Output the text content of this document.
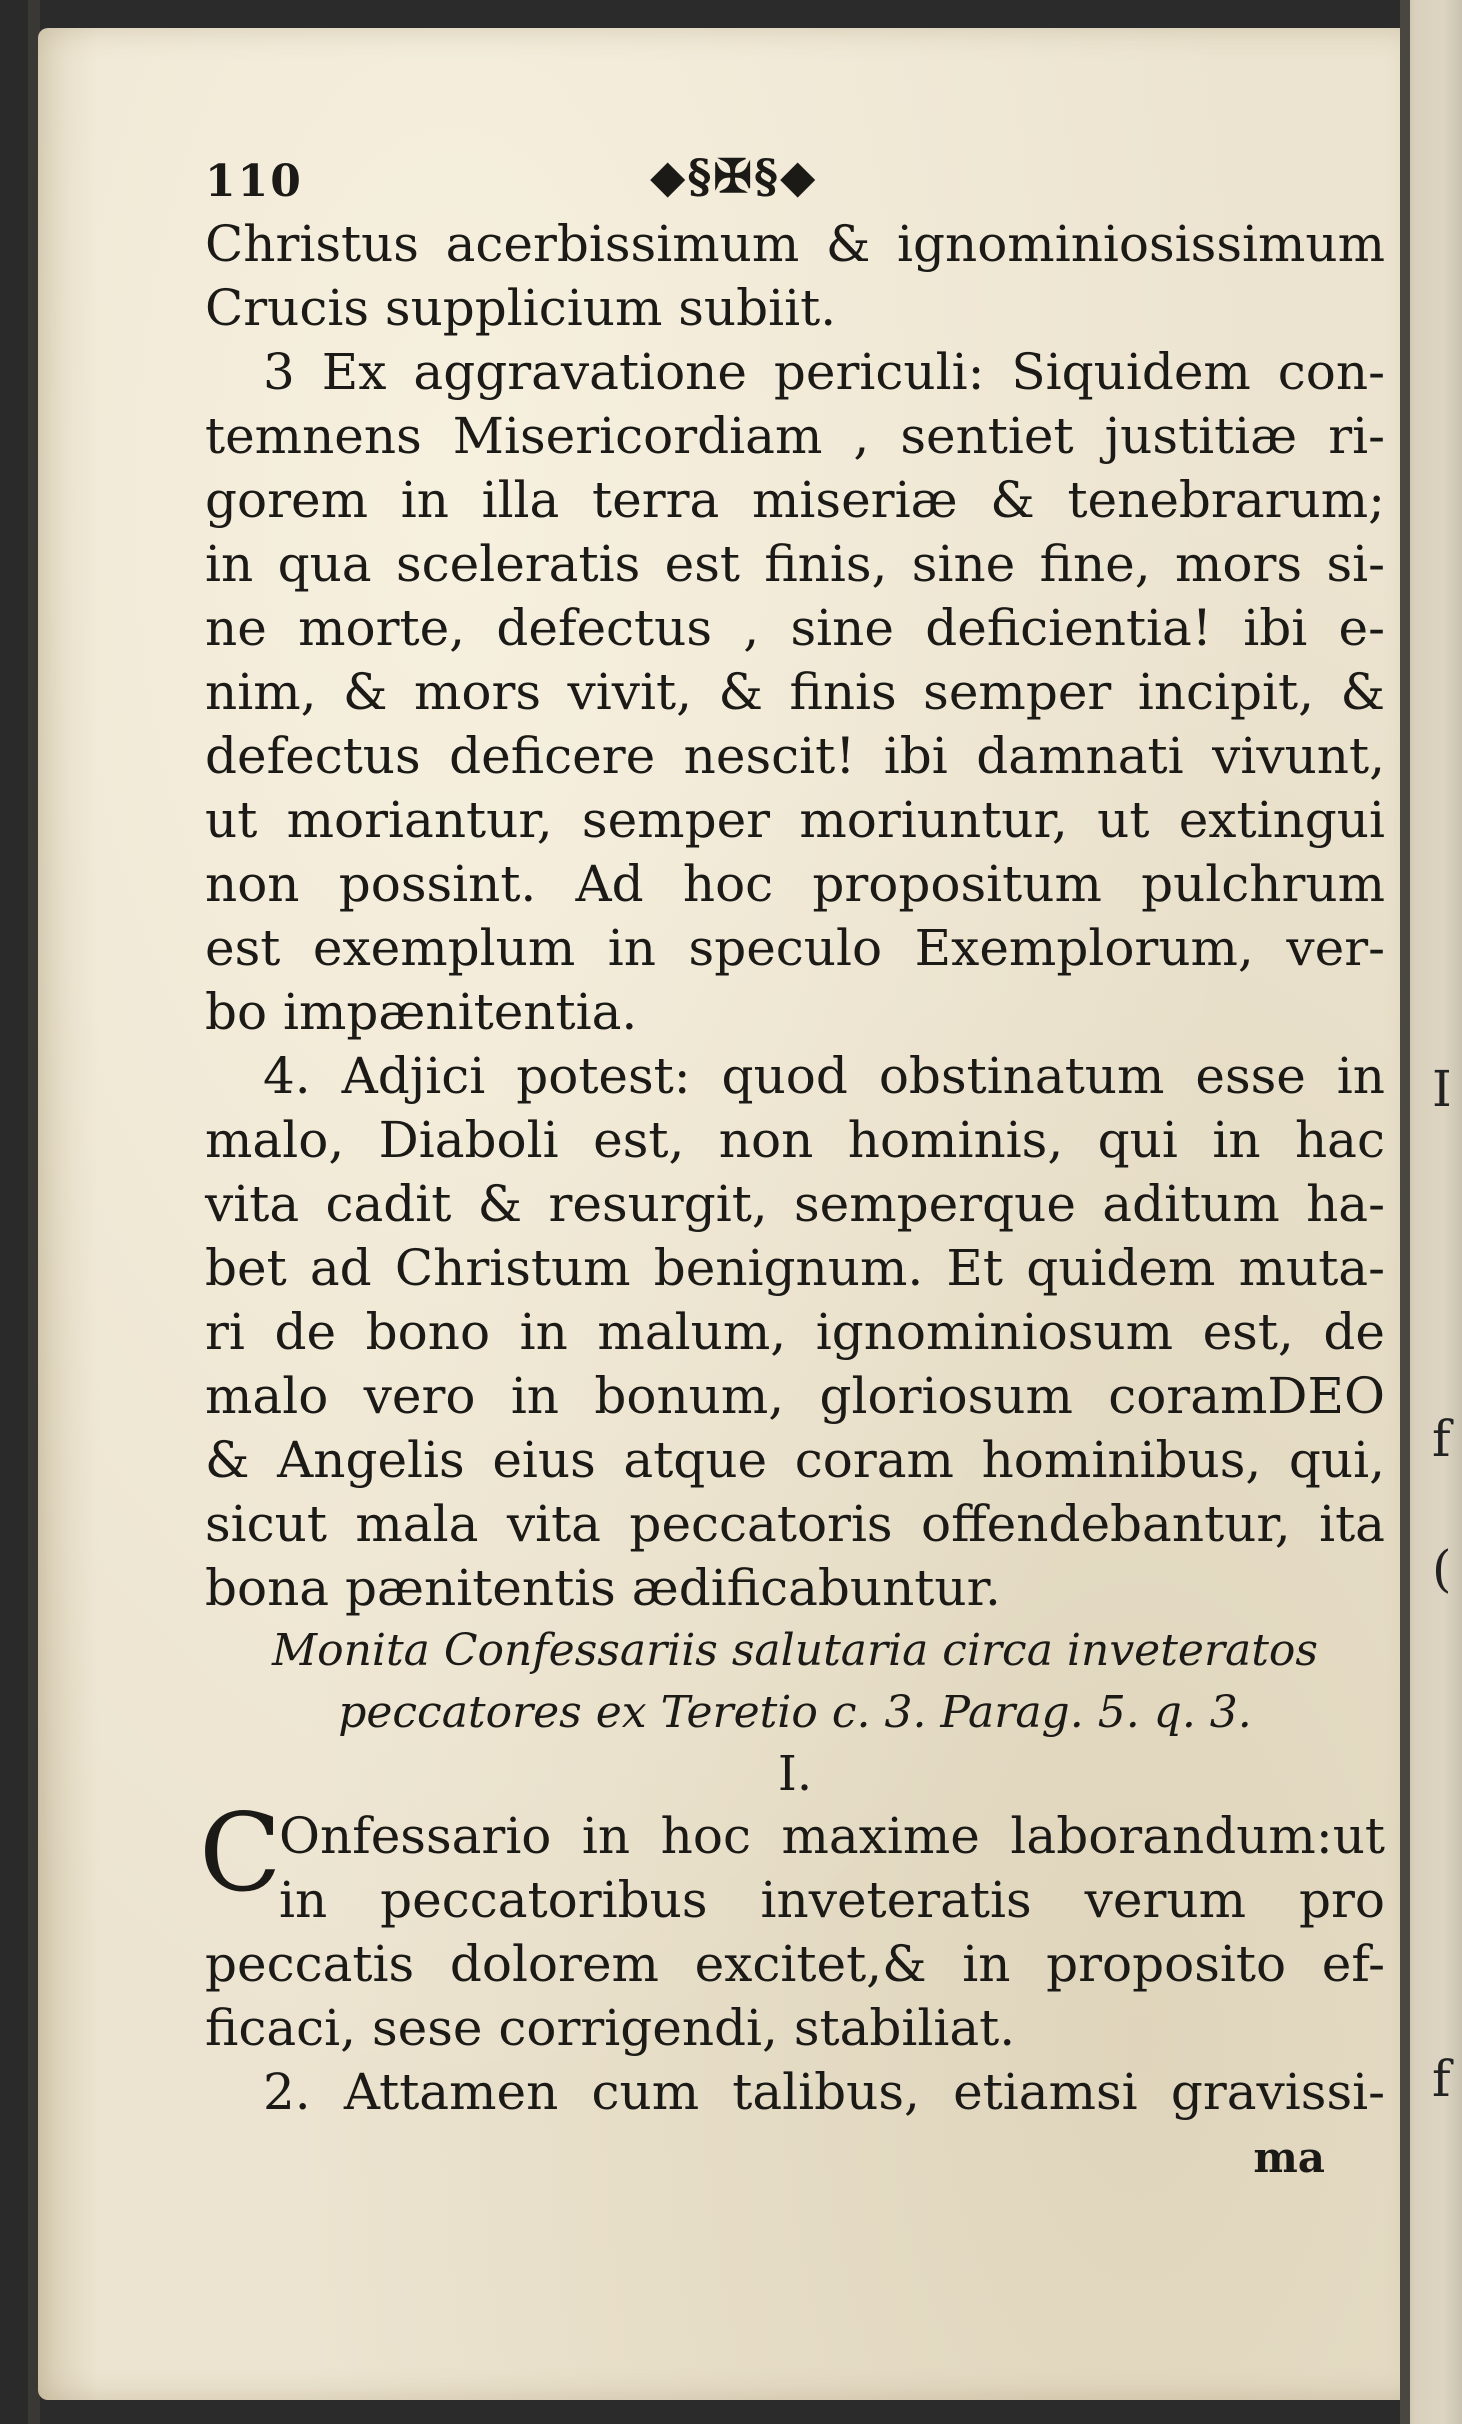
I
f
(
f
110	◆§✠§◆
Christus acerbissimum & ignominiosissimum
Crucis supplicium subiit.
3 Ex aggravatione periculi: Siquidem con-
temnens Misericordiam , sentiet justitiæ ri-
gorem in illa terra miseriæ & tenebrarum;
in qua sceleratis est finis, sine fine, mors si-
ne morte, defectus , sine deficientia! ibi e-
nim, & mors vivit, & finis semper incipit, &
defectus deficere nescit! ibi damnati vivunt,
ut moriantur, semper moriuntur, ut extingui
non possint. Ad hoc propositum pulchrum
est exemplum in speculo Exemplorum, ver-
bo impænitentia.
4. Adjici potest: quod obstinatum esse in
malo, Diaboli est, non hominis, qui in hac
vita cadit & resurgit, semperque aditum ha-
bet ad Christum benignum. Et quidem muta-
ri de bono in malum, ignominiosum est, de
malo vero in bonum, gloriosum coramDEO
& Angelis eius atque coram hominibus, qui,
sicut mala vita peccatoris offendebantur, ita
bona pænitentis ædificabuntur.
Monita Confessariis salutaria circa inveteratos
peccatores ex Teretio c. 3. Parag. 5. q. 3.
I.
C
Onfessario in hoc maxime laborandum:ut
in peccatoribus inveteratis verum pro
peccatis dolorem excitet,& in proposito ef-
ficaci, sese corrigendi, stabiliat.
2. Attamen cum talibus, etiamsi gravissi-
ma
